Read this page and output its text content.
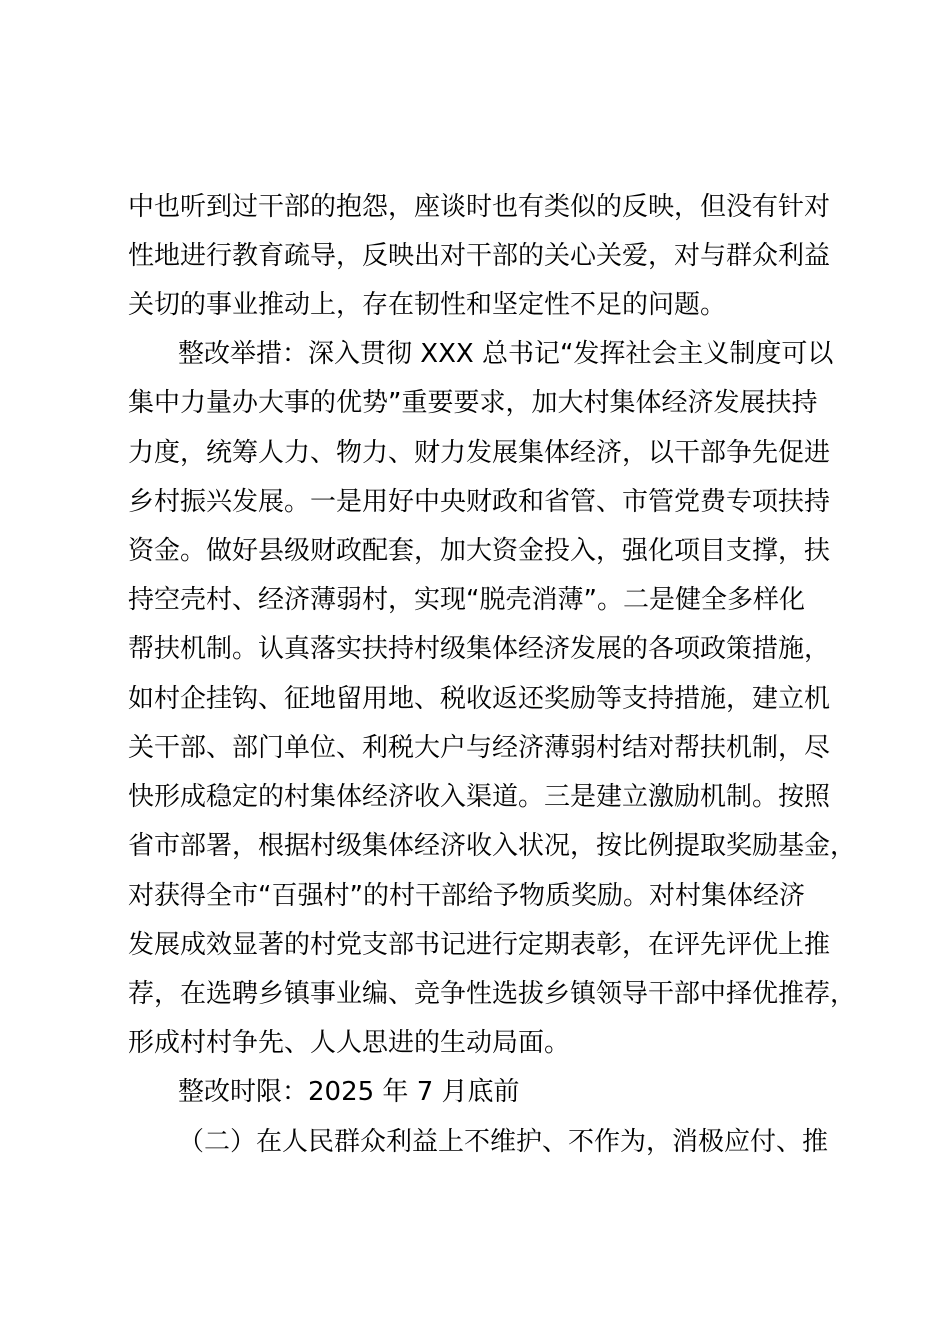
中也听到过干部的抱怨，座谈时也有类似的反映，但没有针对
性地进行教育疏导，反映出对干部的关心关爱，对与群众利益
关切的事业推动上，存在韧性和坚定性不足的问题。
整改举措：深入贯彻 XXX 总书记“发挥社会主义制度可以
集中力量办大事的优势”重要要求，加大村集体经济发展扶持
力度，统筹人力、物力、财力发展集体经济，以干部争先促进
乡村振兴发展。一是用好中央财政和省管、市管党费专项扶持
资金。做好县级财政配套，加大资金投入，强化项目支撑，扶
持空壳村、经济薄弱村，实现“脱壳消薄”。二是健全多样化
帮扶机制。认真落实扶持村级集体经济发展的各项政策措施，
如村企挂钩、征地留用地、税收返还奖励等支持措施，建立机
关干部、部门单位、利税大户与经济薄弱村结对帮扶机制，尽
快形成稳定的村集体经济收入渠道。三是建立激励机制。按照
省市部署，根据村级集体经济收入状况，按比例提取奖励基金，
对获得全市“百强村”的村干部给予物质奖励。对村集体经济
发展成效显著的村党支部书记进行定期表彰，在评先评优上推
荐，在选聘乡镇事业编、竞争性选拔乡镇领导干部中择优推荐，
形成村村争先、人人思进的生动局面。
整改时限：2025 年 7 月底前
（二）在人民群众利益上不维护、不作为，消极应付、推
